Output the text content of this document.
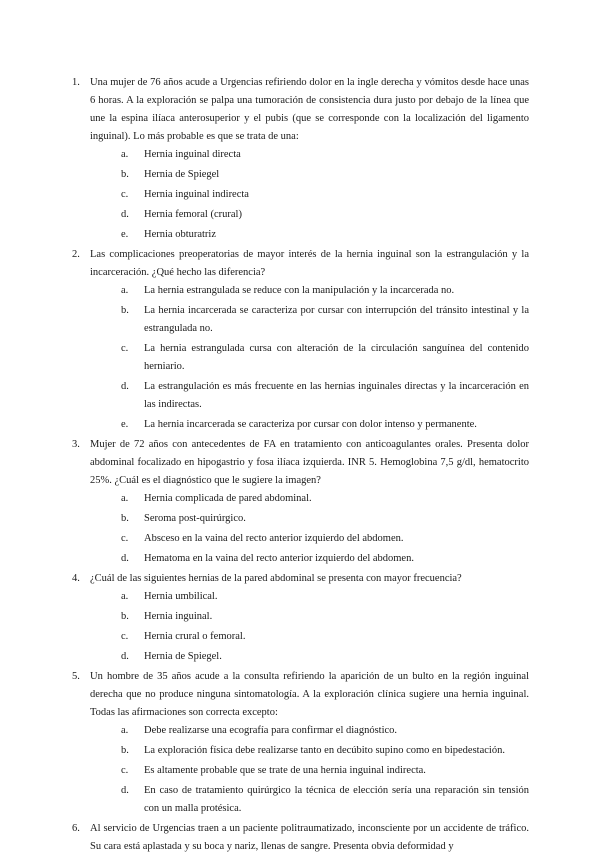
1. Una mujer de 76 años acude a Urgencias refiriendo dolor en la ingle derecha y vómitos desde hace unas 6 horas. A la exploración se palpa una tumoración de consistencia dura justo por debajo de la línea que une la espina ilíaca anterosuperior y el pubis (que se corresponde con la localización del ligamento inguinal). Lo más probable es que se trata de una:

a. Hernia inguinal directa
b. Hernia de Spiegel
c. Hernia inguinal indirecta
d. Hernia femoral (crural)
e. Hernia obturatriz
2. Las complicaciones preoperatorias de mayor interés de la hernia inguinal son la estrangulación y la incarceración. ¿Qué hecho las diferencia?

a. La hernia estrangulada se reduce con la manipulación y la incarcerada no.
b. La hernia incarcerada se caracteriza por cursar con interrupción del tránsito intestinal y la estrangulada no.
c. La hernia estrangulada cursa con alteración de la circulación sanguínea del contenido herniario.
d. La estrangulación es más frecuente en las hernias inguinales directas y la incarceración en las indirectas.
e. La hernia incarcerada se caracteriza por cursar con dolor intenso y permanente.
3. Mujer de 72 años con antecedentes de FA en tratamiento con anticoagulantes orales. Presenta dolor abdominal focalizado en hipogastrio y fosa ilíaca izquierda. INR 5. Hemoglobina 7,5 g/dl, hematocrito 25%. ¿Cuál es el diagnóstico que le sugiere la imagen?

a. Hernia complicada de pared abdominal.
b. Seroma post-quirúrgico.
c. Absceso en la vaina del recto anterior izquierdo del abdomen.
d. Hematoma en la vaina del recto anterior izquierdo del abdomen.
4. ¿Cuál de las siguientes hernias de la pared abdominal se presenta con mayor frecuencia?

a. Hernia umbilical.
b. Hernia inguinal.
c. Hernia crural o femoral.
d. Hernia de Spiegel.
5. Un hombre de 35 años acude a la consulta refiriendo la aparición de un bulto en la región inguinal derecha que no produce ninguna sintomatología. A la exploración clínica sugiere una hernia inguinal. Todas las afirmaciones son correcta excepto:

a. Debe realizarse una ecografía para confirmar el diagnóstico.
b. La exploración física debe realizarse tanto en decúbito supino como en bipedestación.
c. Es altamente probable que se trate de una hernia inguinal indirecta.
d. En caso de tratamiento quirúrgico la técnica de elección sería una reparación sin tensión con un malla protésica.
6. Al servicio de Urgencias traen a un paciente politraumatizado, inconsciente por un accidente de tráfico. Su cara está aplastada y su boca y nariz, llenas de sangre. Presenta obvia deformidad y
